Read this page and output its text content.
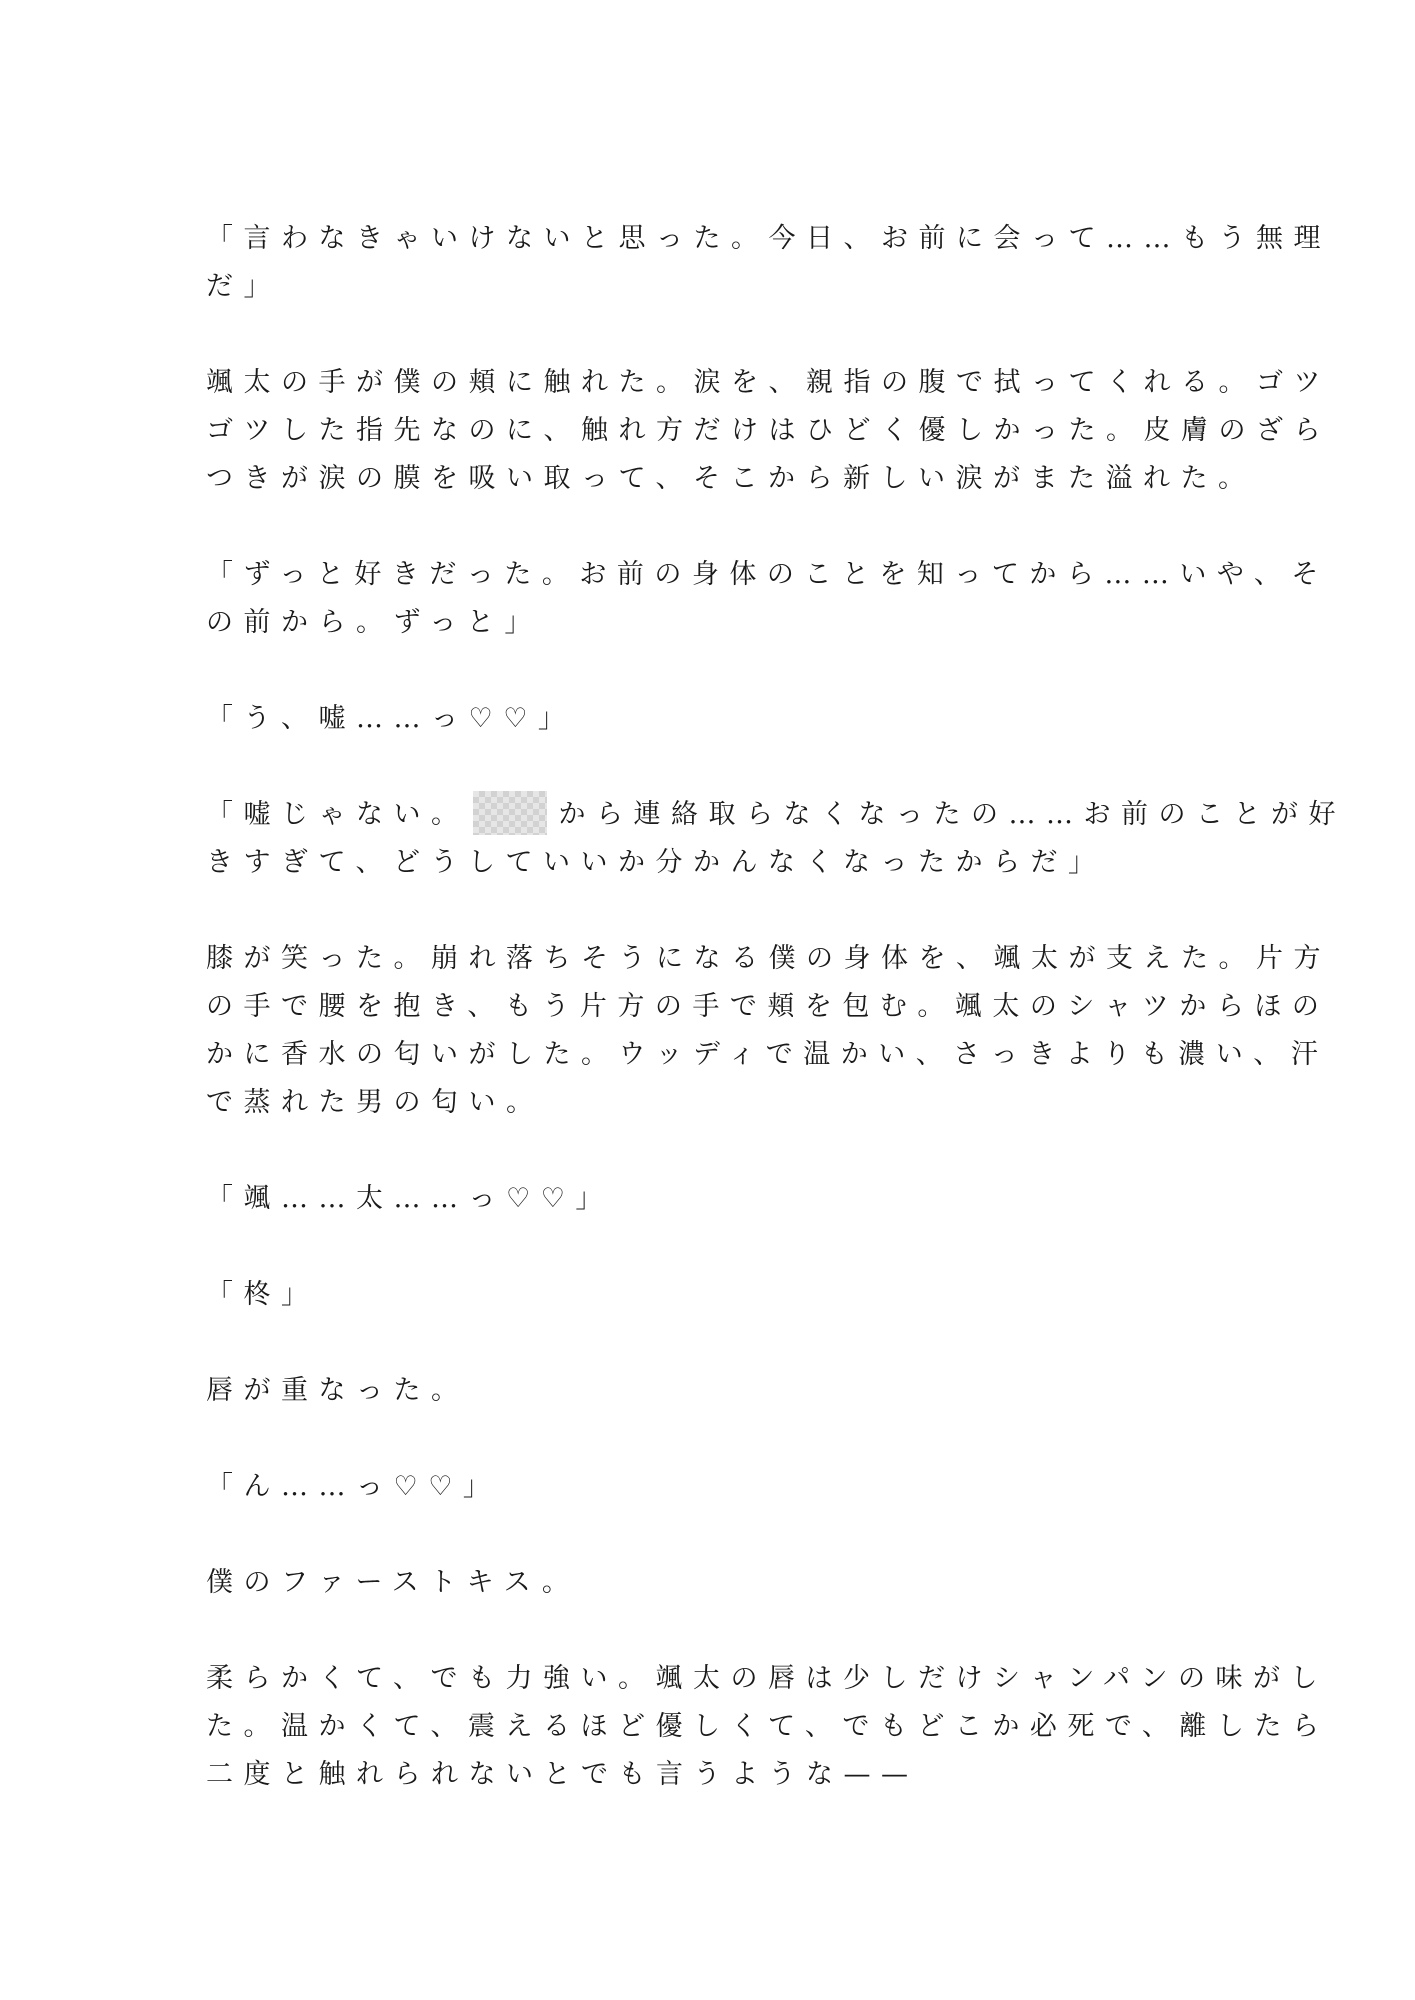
「言わなきゃいけないと思った。今日、お前に会って……もう無理
だ」
颯太の手が僕の頬に触れた。涙を、親指の腹で拭ってくれる。ゴツ
ゴツした指先なのに、触れ方だけはひどく優しかった。皮膚のざら
つきが涙の膜を吸い取って、そこから新しい涙がまた溢れた。
「ずっと好きだった。お前の身体のことを知ってから……いや、そ
の前から。ずっと」
「う、嘘……っ♡♡」
「嘘じゃない。	から連絡取らなくなったの……お前のことが好
きすぎて、どうしていいか分かんなくなったからだ」
膝が笑った。崩れ落ちそうになる僕の身体を、颯太が支えた。片方
の手で腰を抱き、もう片方の手で頬を包む。颯太のシャツからほの
かに香水の匂いがした。ウッディで温かい、さっきよりも濃い、汗
で蒸れた男の匂い。
「颯……太……っ♡♡」
「柊」
唇が重なった。
「ん……っ♡♡」
僕のファーストキス。
柔らかくて、でも力強い。颯太の唇は少しだけシャンパンの味がし
た。温かくて、震えるほど優しくて、でもどこか必死で、離したら
二度と触れられないとでも言うような——
